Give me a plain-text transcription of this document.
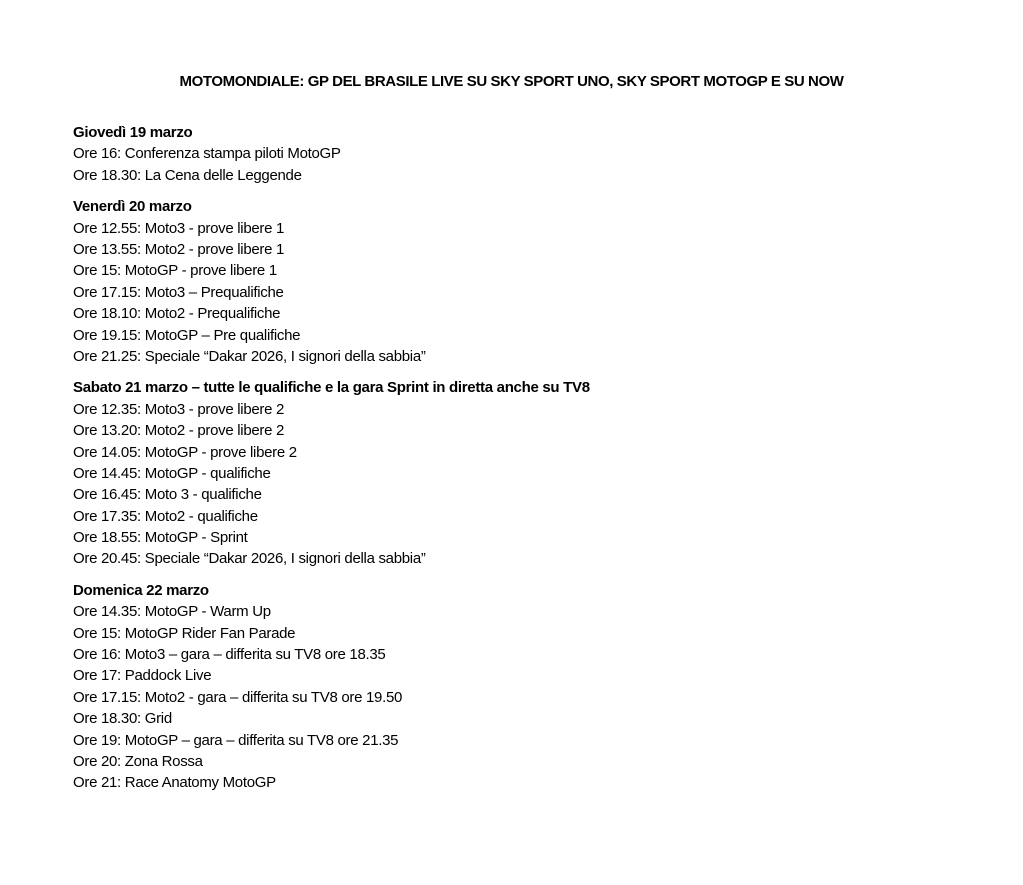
MOTOMONDIALE: GP DEL BRASILE LIVE SU SKY SPORT UNO, SKY SPORT MOTOGP E SU NOW
Giovedì 19 marzo
Ore 16: Conferenza stampa piloti MotoGP
Ore 18.30: La Cena delle Leggende
Venerdì 20 marzo
Ore 12.55: Moto3 - prove libere 1
Ore 13.55: Moto2 - prove libere 1
Ore 15: MotoGP - prove libere 1
Ore 17.15: Moto3 – Prequalifiche
Ore 18.10: Moto2 - Prequalifiche
Ore 19.15: MotoGP – Pre qualifiche
Ore 21.25: Speciale “Dakar 2026, I signori della sabbia”
Sabato 21 marzo – tutte le qualifiche e la gara Sprint in diretta anche su TV8
Ore 12.35: Moto3 - prove libere 2
Ore 13.20: Moto2 - prove libere 2
Ore 14.05: MotoGP - prove libere 2
Ore 14.45: MotoGP - qualifiche
Ore 16.45: Moto 3 - qualifiche
Ore 17.35: Moto2 - qualifiche
Ore 18.55: MotoGP - Sprint
Ore 20.45: Speciale “Dakar 2026, I signori della sabbia”
Domenica 22 marzo
Ore 14.35: MotoGP - Warm Up
Ore 15: MotoGP Rider Fan Parade
Ore 16: Moto3 – gara – differita su TV8 ore 18.35
Ore 17: Paddock Live
Ore 17.15: Moto2 - gara – differita su TV8 ore 19.50
Ore 18.30: Grid
Ore 19: MotoGP – gara – differita su TV8 ore 21.35
Ore 20: Zona Rossa
Ore 21: Race Anatomy MotoGP
